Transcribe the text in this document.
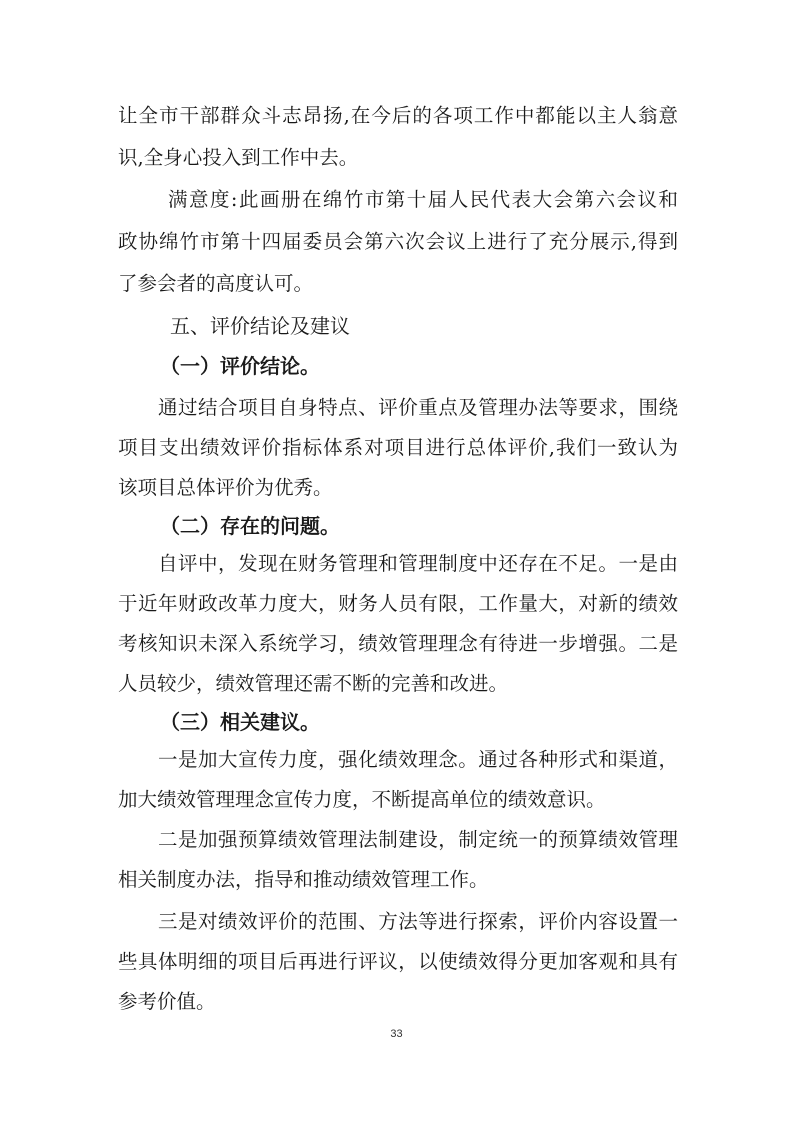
让全市干部群众斗志昂扬,在今后的各项工作中都能以主人翁意
识,全身心投入到工作中去。
满意度:此画册在绵竹市第十届人民代表大会第六会议和
政协绵竹市第十四届委员会第六次会议上进行了充分展示,得到
了参会者的高度认可。
五、评价结论及建议
（一）评价结论。
通过结合项目自身特点、评价重点及管理办法等要求，围绕
项目支出绩效评价指标体系对项目进行总体评价,我们一致认为
该项目总体评价为优秀。
（二）存在的问题。
自评中，发现在财务管理和管理制度中还存在不足。一是由
于近年财政改革力度大，财务人员有限，工作量大，对新的绩效
考核知识未深入系统学习，绩效管理理念有待进一步增强。二是
人员较少，绩效管理还需不断的完善和改进。
（三）相关建议。
一是加大宣传力度，强化绩效理念。通过各种形式和渠道，
加大绩效管理理念宣传力度，不断提高单位的绩效意识。
二是加强预算绩效管理法制建设，制定统一的预算绩效管理
相关制度办法，指导和推动绩效管理工作。
三是对绩效评价的范围、方法等进行探索，评价内容设置一
些具体明细的项目后再进行评议，以使绩效得分更加客观和具有
参考价值。
33
